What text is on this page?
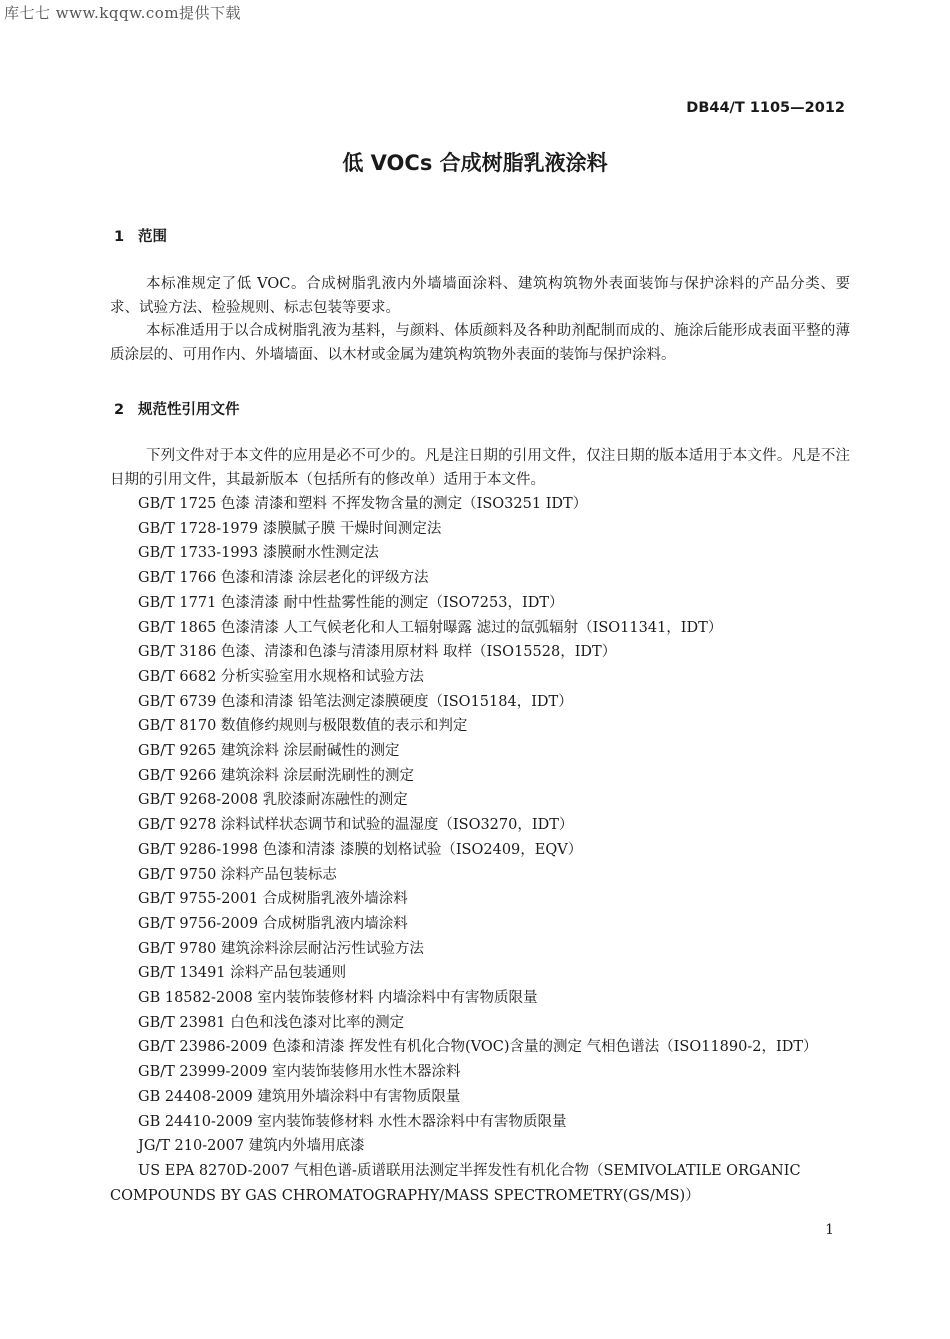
库七七 www.kqqw.com提供下载
DB44/T 1105—2012
低 VOCs 合成树脂乳液涂料
1 范围
本标准规定了低 VOC。合成树脂乳液内外墙墙面涂料、建筑构筑物外表面装饰与保护涂料的产品分类、要求、试验方法、检验规则、标志包装等要求。
本标准适用于以合成树脂乳液为基料，与颜料、体质颜料及各种助剂配制而成的、施涂后能形成表面平整的薄质涂层的、可用作内、外墙墙面、以木材或金属为建筑构筑物外表面的装饰与保护涂料。
2 规范性引用文件
下列文件对于本文件的应用是必不可少的。凡是注日期的引用文件，仅注日期的版本适用于本文件。凡是不注日期的引用文件，其最新版本（包括所有的修改单）适用于本文件。
GB/T 1725 色漆 清漆和塑料 不挥发物含量的测定（ISO3251 IDT）
GB/T 1728-1979 漆膜腻子膜 干燥时间测定法
GB/T 1733-1993 漆膜耐水性测定法
GB/T 1766 色漆和清漆 涂层老化的评级方法
GB/T 1771 色漆清漆 耐中性盐雾性能的测定（ISO7253，IDT）
GB/T 1865 色漆清漆 人工气候老化和人工辐射曝露 滤过的氙弧辐射（ISO11341，IDT）
GB/T 3186 色漆、清漆和色漆与清漆用原材料 取样（ISO15528，IDT）
GB/T 6682 分析实验室用水规格和试验方法
GB/T 6739 色漆和清漆 铅笔法测定漆膜硬度（ISO15184，IDT）
GB/T 8170 数值修约规则与极限数值的表示和判定
GB/T 9265 建筑涂料 涂层耐碱性的测定
GB/T 9266 建筑涂料 涂层耐洗刷性的测定
GB/T 9268-2008 乳胶漆耐冻融性的测定
GB/T 9278 涂料试样状态调节和试验的温湿度（ISO3270，IDT）
GB/T 9286-1998 色漆和清漆 漆膜的划格试验（ISO2409，EQV）
GB/T 9750 涂料产品包装标志
GB/T 9755-2001 合成树脂乳液外墙涂料
GB/T 9756-2009 合成树脂乳液内墙涂料
GB/T 9780 建筑涂料涂层耐沾污性试验方法
GB/T 13491 涂料产品包装通则
GB 18582-2008 室内装饰装修材料 内墙涂料中有害物质限量
GB/T 23981 白色和浅色漆对比率的测定
GB/T 23986-2009 色漆和清漆 挥发性有机化合物(VOC)含量的测定 气相色谱法（ISO11890-2，IDT）
GB/T 23999-2009 室内装饰装修用水性木器涂料
GB 24408-2009 建筑用外墙涂料中有害物质限量
GB 24410-2009 室内装饰装修材料 水性木器涂料中有害物质限量
JG/T 210-2007 建筑内外墙用底漆
US EPA 8270D-2007 气相色谱-质谱联用法测定半挥发性有机化合物（SEMIVOLATILE ORGANIC
COMPOUNDS BY GAS CHROMATOGRAPHY/MASS SPECTROMETRY(GS/MS)）
1
